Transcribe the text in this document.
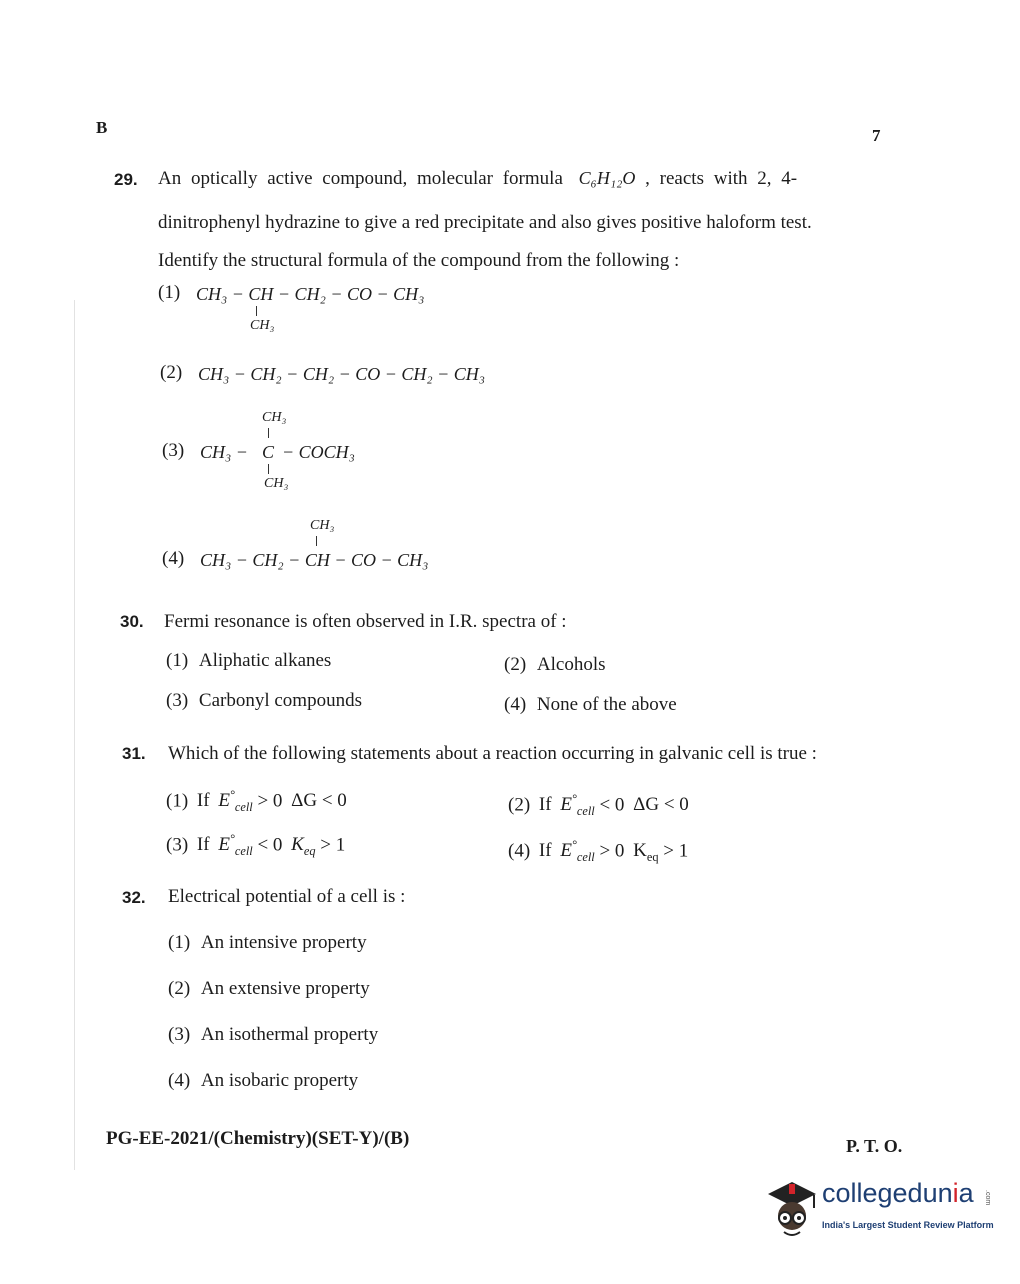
B	7
29. An optically active compound, molecular formula C₆H₁₂O , reacts with 2, 4-
dinitrophenyl hydrazine to give a red precipitate and also gives positive haloform test.
Identify the structural formula of the compound from the following :
(1) CH₃ − CH − CH₂ − CO − CH₃
CH₃
(2) CH₃ − CH₂ − CH₂ − CO − CH₂ − CH₃
CH₃
(3) CH₃ − C − COCH₃
CH₃
CH₃
(4) CH₃ − CH₂ − CH − CO − CH₃
30. Fermi resonance is often observed in I.R. spectra of :
(1) Aliphatic alkanes	(2) Alcohols
(3) Carbonyl compounds	(4) None of the above
31. Which of the following statements about a reaction occurring in galvanic cell is true :
(1) If $E^\circ_{cell} > 0$ ΔG < 0	(2) If $E^\circ_{cell} < 0$ ΔG < 0
(3) If $E^\circ_{cell} < 0$ $K_{eq} > 1$	(4) If $E^\circ_{cell} > 0$ $K_{eq} > 1$
32. Electrical potential of a cell is :
(1) An intensive property
(2) An extensive property
(3) An isothermal property
(4) An isobaric property
PG-EE-2021/(Chemistry)(SET-Y)/(B)	P. T. O.
collegedunia .com
India's Largest Student Review Platform
